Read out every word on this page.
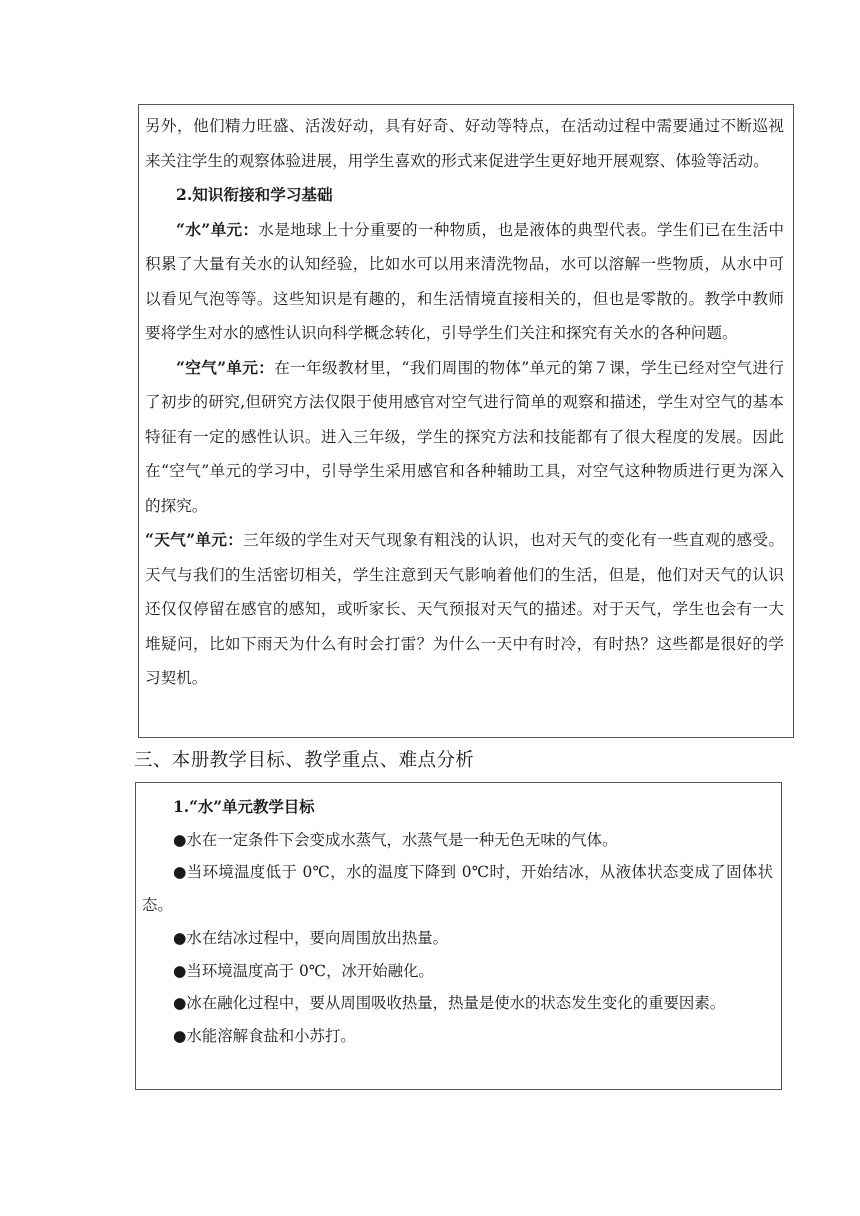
另外，他们精力旺盛、活泼好动，具有好奇、好动等特点，在活动过程中需要通过不断巡视来关注学生的观察体验进展，用学生喜欢的形式来促进学生更好地开展观察、体验等活动。

2.知识衔接和学习基础

“水”单元：水是地球上十分重要的一种物质，也是液体的典型代表。学生们已在生活中积累了大量有关水的认知经验，比如水可以用来清洗物品，水可以溶解一些物质，从水中可以看见气泡等等。这些知识是有趣的，和生活情境直接相关的，但也是零散的。教学中教师要将学生对水的感性认识向科学概念转化，引导学生们关注和探究有关水的各种问题。

“空气”单元：在一年级教材里，“我们周围的物体”单元的第７课，学生已经对空气进行了初步的研究,但研究方法仅限于使用感官对空气进行简单的观察和描述，学生对空气的基本特征有一定的感性认识。进入三年级，学生的探究方法和技能都有了很大程度的发展。因此在“空气”单元的学习中，引导学生采用感官和各种辅助工具，对空气这种物质进行更为深入的探究。

“天气”单元：三年级的学生对天气现象有粗浅的认识，也对天气的变化有一些直观的感受。天气与我们的生活密切相关，学生注意到天气影响着他们的生活，但是，他们对天气的认识还仅仅停留在感官的感知，或听家长、天气预报对天气的描述。对于天气，学生也会有一大堆疑问，比如下雨天为什么有时会打雷？为什么一天中有时冷，有时热？这些都是很好的学习契机。

三、本册教学目标、教学重点、难点分析

1.“水”单元教学目标

●水在一定条件下会变成水蒸气，水蒸气是一种无色无味的气体。

●当环境温度低于 0℃，水的温度下降到 0℃时，开始结冰，从液体状态变成了固体状态。

●水在结冰过程中，要向周围放出热量。

●当环境温度高于 0℃，冰开始融化。

●冰在融化过程中，要从周围吸收热量，热量是使水的状态发生变化的重要因素。

●水能溶解食盐和小苏打。
